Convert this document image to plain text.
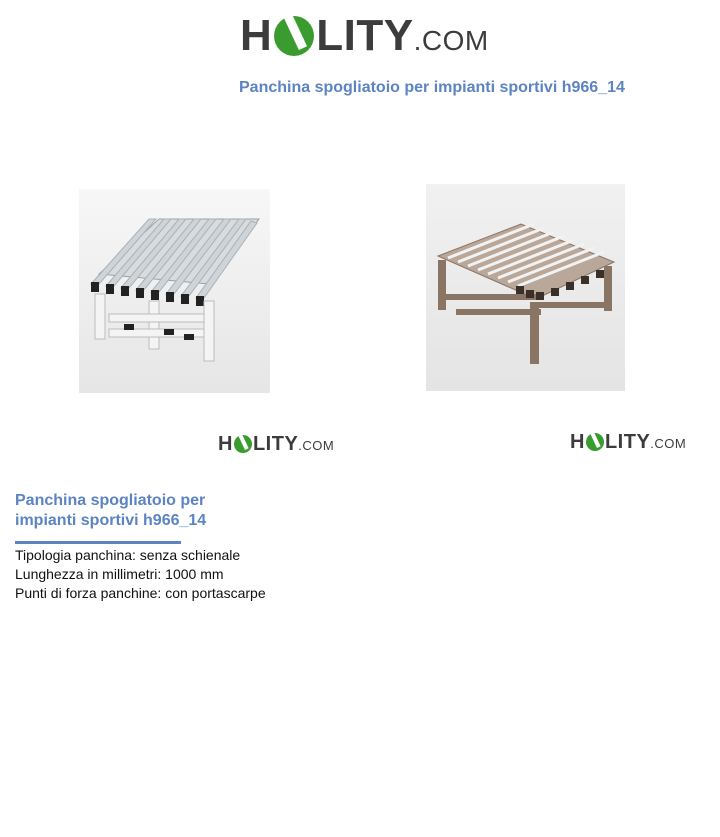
H LITY .COM
Panchina spogliatoio per impianti sportivi h966_14
H LITY .COM	H LITY .COM
Panchina spogliatoio per impianti sportivi h966_14
Tipologia panchina: senza schienale
Lunghezza in millimetri: 1000 mm
Punti di forza panchine: con portascarpe
